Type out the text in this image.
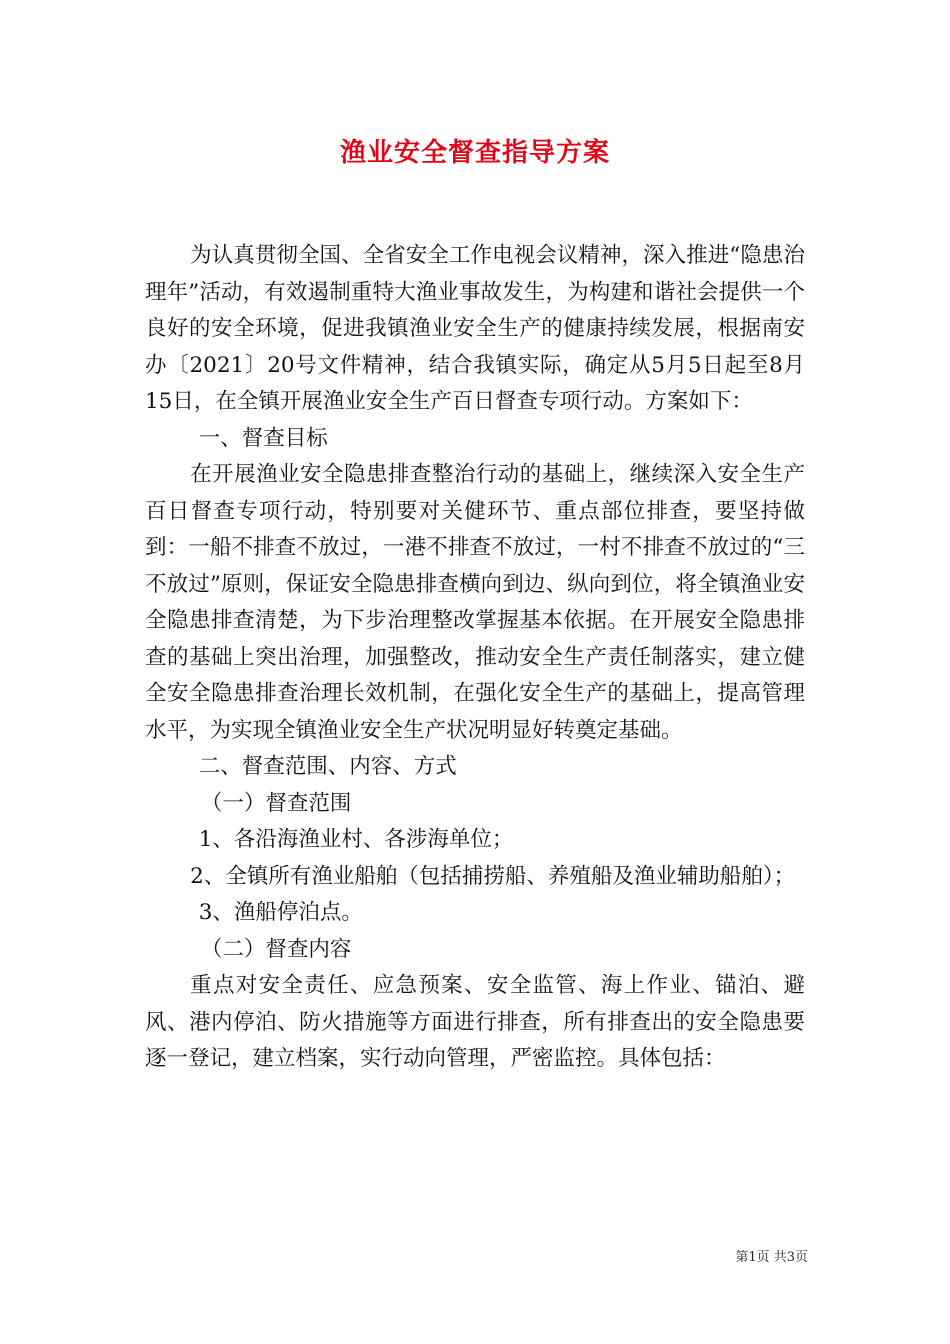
渔业安全督查指导方案

为认真贯彻全国、全省安全工作电视会议精神，深入推进“隐患治理年”活动，有效遏制重特大渔业事故发生，为构建和谐社会提供一个良好的安全环境，促进我镇渔业安全生产的健康持续发展，根据南安办〔2021〕20号文件精神，结合我镇实际，确定从5月5日起至8月15日，在全镇开展渔业安全生产百日督查专项行动。方案如下：

一、督查目标

在开展渔业安全隐患排查整治行动的基础上，继续深入安全生产百日督查专项行动，特别要对关健环节、重点部位排查，要坚持做到：一船不排查不放过，一港不排查不放过，一村不排查不放过的“三不放过”原则，保证安全隐患排查横向到边、纵向到位，将全镇渔业安全隐患排查清楚，为下步治理整改掌握基本依据。在开展安全隐患排查的基础上突出治理，加强整改，推动安全生产责任制落实，建立健全安全隐患排查治理长效机制，在强化安全生产的基础上，提高管理水平，为实现全镇渔业安全生产状况明显好转奠定基础。

二、督查范围、内容、方式

（一）督查范围

1、各沿海渔业村、各涉海单位；

2、全镇所有渔业船舶（包括捕捞船、养殖船及渔业辅助船舶）；

3、渔船停泊点。

（二）督查内容

重点对安全责任、应急预案、安全监管、海上作业、锚泊、避风、港内停泊、防火措施等方面进行排查，所有排查出的安全隐患要逐一登记，建立档案，实行动向管理，严密监控。具体包括：

第1页 共3页
